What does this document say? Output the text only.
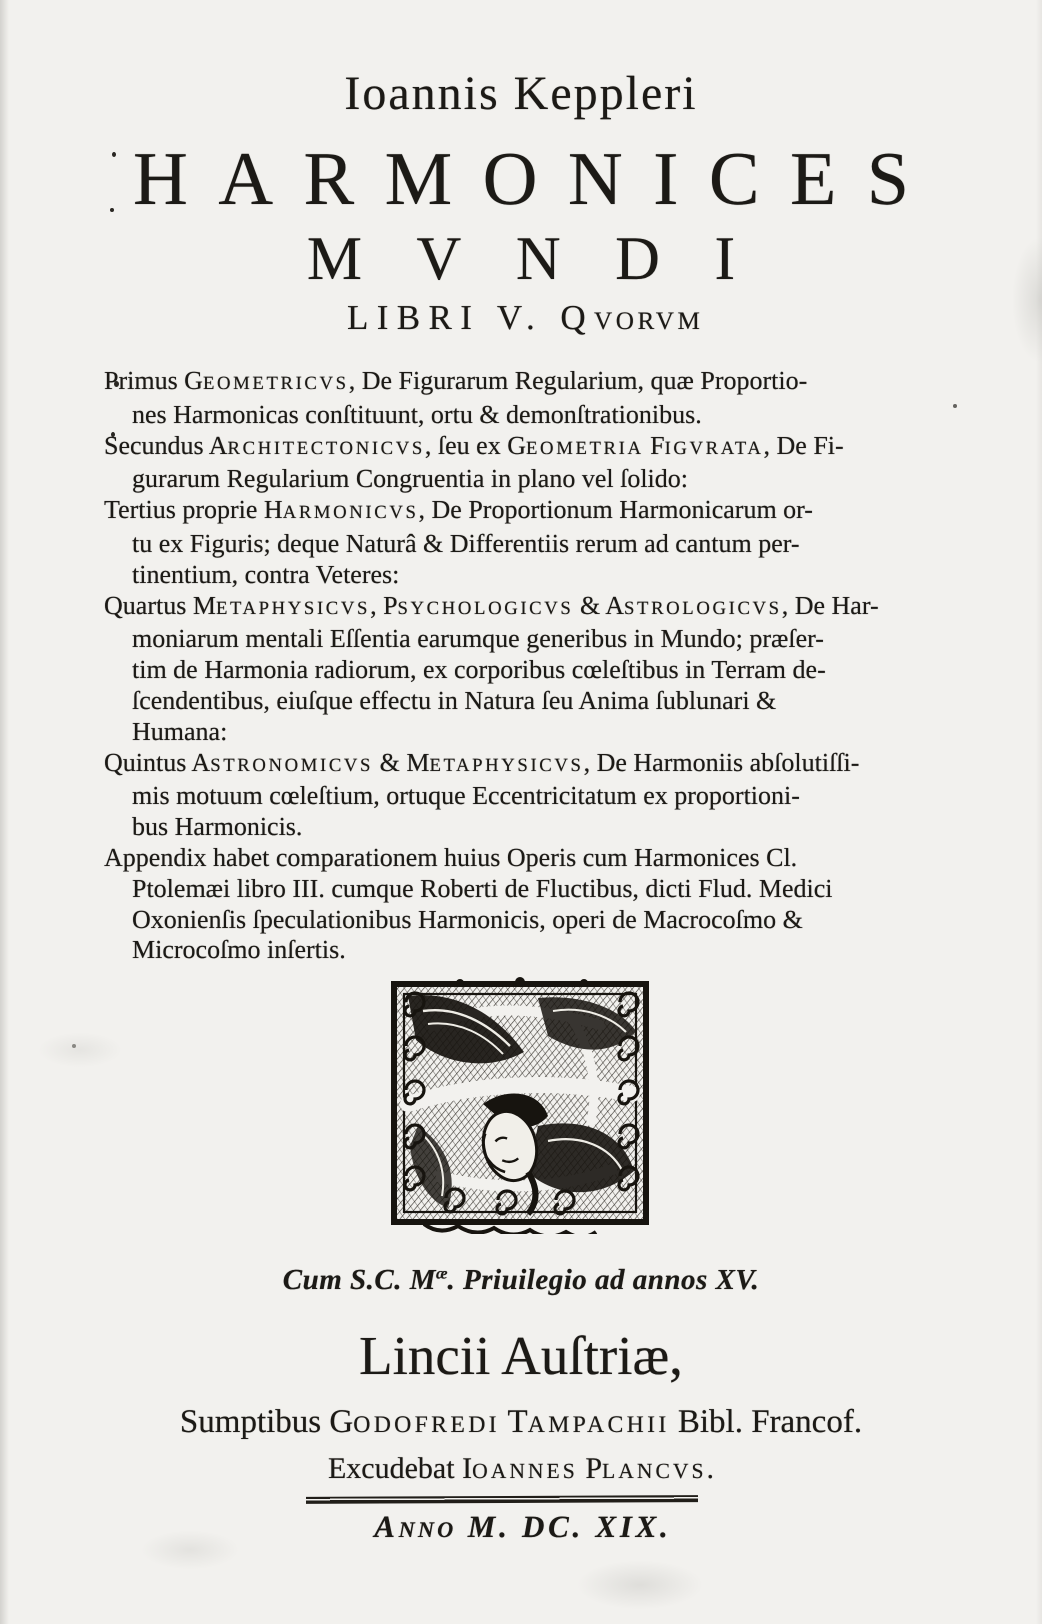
Ioannis Keppleri
HARMONICES
MVNDI
LIBRI V. QVORVM
Primus GEOMETRICVS, De Figurarum Regularium, quæ Proportio-
nes Harmonicas conſtituunt, ortu & demonſtrationibus.
Secundus ARCHITECTONICVS, ſeu ex GEOMETRIA FIGVRATA, De Fi-
gurarum Regularium Congruentia in plano vel ſolido:
Tertius proprie HARMONICVS, De Proportionum Harmonicarum or-
tu ex Figuris; deque Naturâ & Differentiis rerum ad cantum per-
tinentium, contra Veteres:
Quartus METAPHYSICVS, PSYCHOLOGICVS & ASTROLOGICVS, De Har-
moniarum mentali Eſſentia earumque generibus in Mundo; præſer-
tim de Harmonia radiorum, ex corporibus cœleſtibus in Terram de-
ſcendentibus, eiuſque effectu in Natura ſeu Anima ſublunari &
Humana:
Quintus ASTRONOMICVS & METAPHYSICVS, De Harmoniis abſolutiſſi-
mis motuum cœleſtium, ortuque Eccentricitatum ex proportioni-
bus Harmonicis.
Appendix habet comparationem huius Operis cum Harmonices Cl.
Ptolemæi libro III. cumque Roberti de Fluctibus, dicti Flud. Medici
Oxonienſis ſpeculationibus Harmonicis, operi de Macrocoſmo &
Microcoſmo inſertis.
Cum S.C. $M^æ$. Priuilegio ad annos XV.
Lincii Auſtriæ,
Sumptibus GODOFREDI TAMPACHII Bibl. Francof.
Excudebat IOANNES PLANCVS.
ANNO M. DC. XIX.
